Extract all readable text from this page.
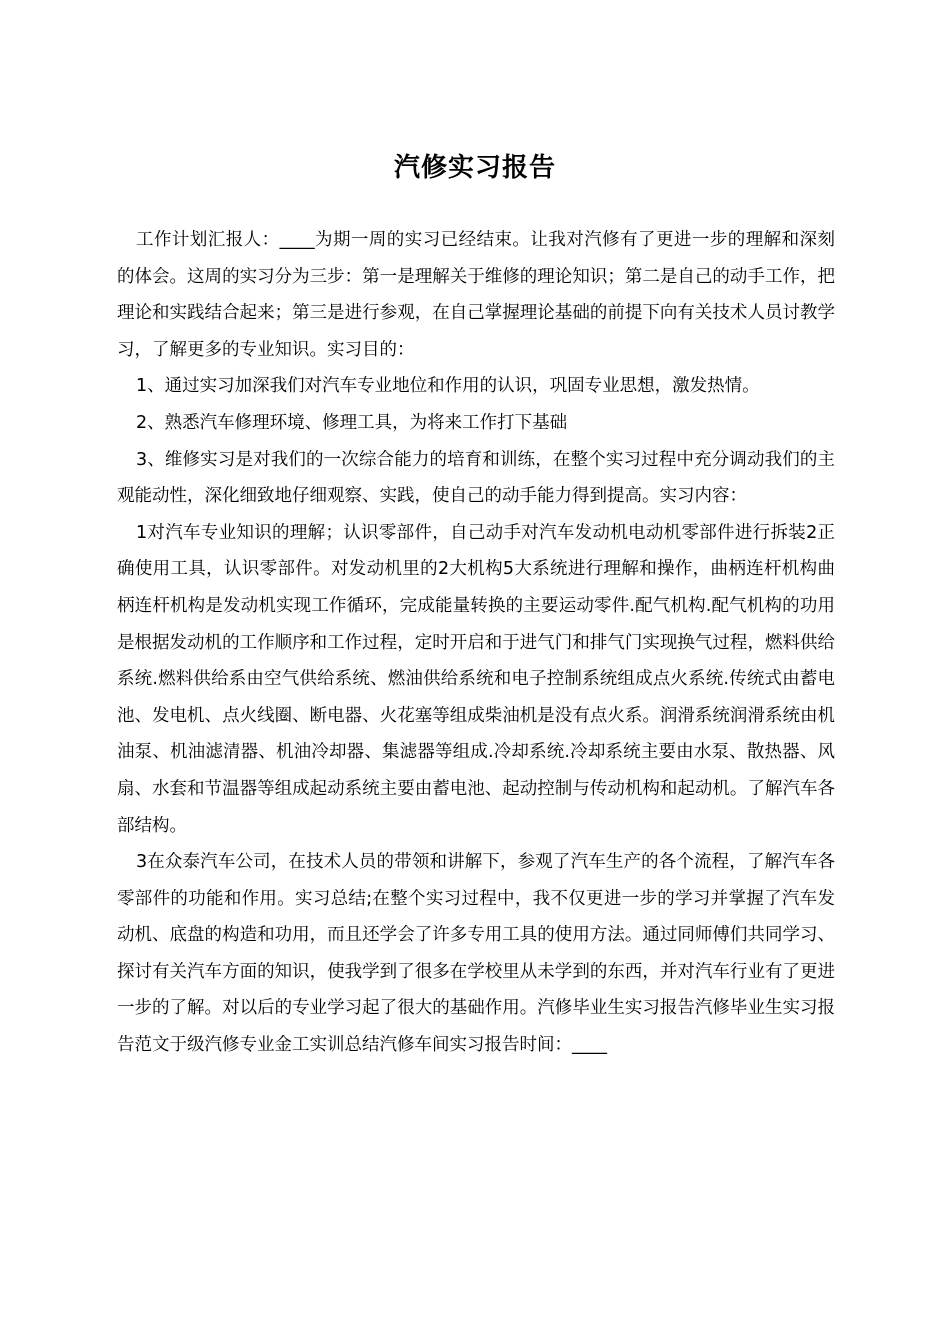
汽修实习报告

工作计划汇报人：____为期一周的实习已经结束。让我对汽修有了更进一步的理解和深刻的体会。这周的实习分为三步：第一是理解关于维修的理论知识；第二是自己的动手工作，把理论和实践结合起来；第三是进行参观，在自己掌握理论基础的前提下向有关技术人员讨教学习，了解更多的专业知识。实习目的：

1、通过实习加深我们对汽车专业地位和作用的认识，巩固专业思想，激发热情。

2、熟悉汽车修理环境、修理工具，为将来工作打下基础

3、维修实习是对我们的一次综合能力的培育和训练，在整个实习过程中充分调动我们的主观能动性，深化细致地仔细观察、实践，使自己的动手能力得到提高。实习内容：

1对汽车专业知识的理解；认识零部件，自己动手对汽车发动机电动机零部件进行拆装2正确使用工具，认识零部件。对发动机里的2大机构5大系统进行理解和操作，曲柄连杆机构曲柄连杆机构是发动机实现工作循环，完成能量转换的主要运动零件.配气机构.配气机构的功用是根据发动机的工作顺序和工作过程，定时开启和于进气门和排气门实现换气过程，燃料供给系统.燃料供给系由空气供给系统、燃油供给系统和电子控制系统组成点火系统.传统式由蓄电池、发电机、点火线圈、断电器、火花塞等组成柴油机是没有点火系。润滑系统润滑系统由机油泵、机油滤清器、机油冷却器、集滤器等组成.冷却系统.冷却系统主要由水泵、散热器、风扇、水套和节温器等组成起动系统主要由蓄电池、起动控制与传动机构和起动机。了解汽车各部结构。

3在众泰汽车公司，在技术人员的带领和讲解下，参观了汽车生产的各个流程，了解汽车各零部件的功能和作用。实习总结;在整个实习过程中，我不仅更进一步的学习并掌握了汽车发动机、底盘的构造和功用，而且还学会了许多专用工具的使用方法。通过同师傅们共同学习、探讨有关汽车方面的知识，使我学到了很多在学校里从未学到的东西，并对汽车行业有了更进一步的了解。对以后的专业学习起了很大的基础作用。汽修毕业生实习报告汽修毕业生实习报告范文于级汽修专业金工实训总结汽修车间实习报告时间：____
